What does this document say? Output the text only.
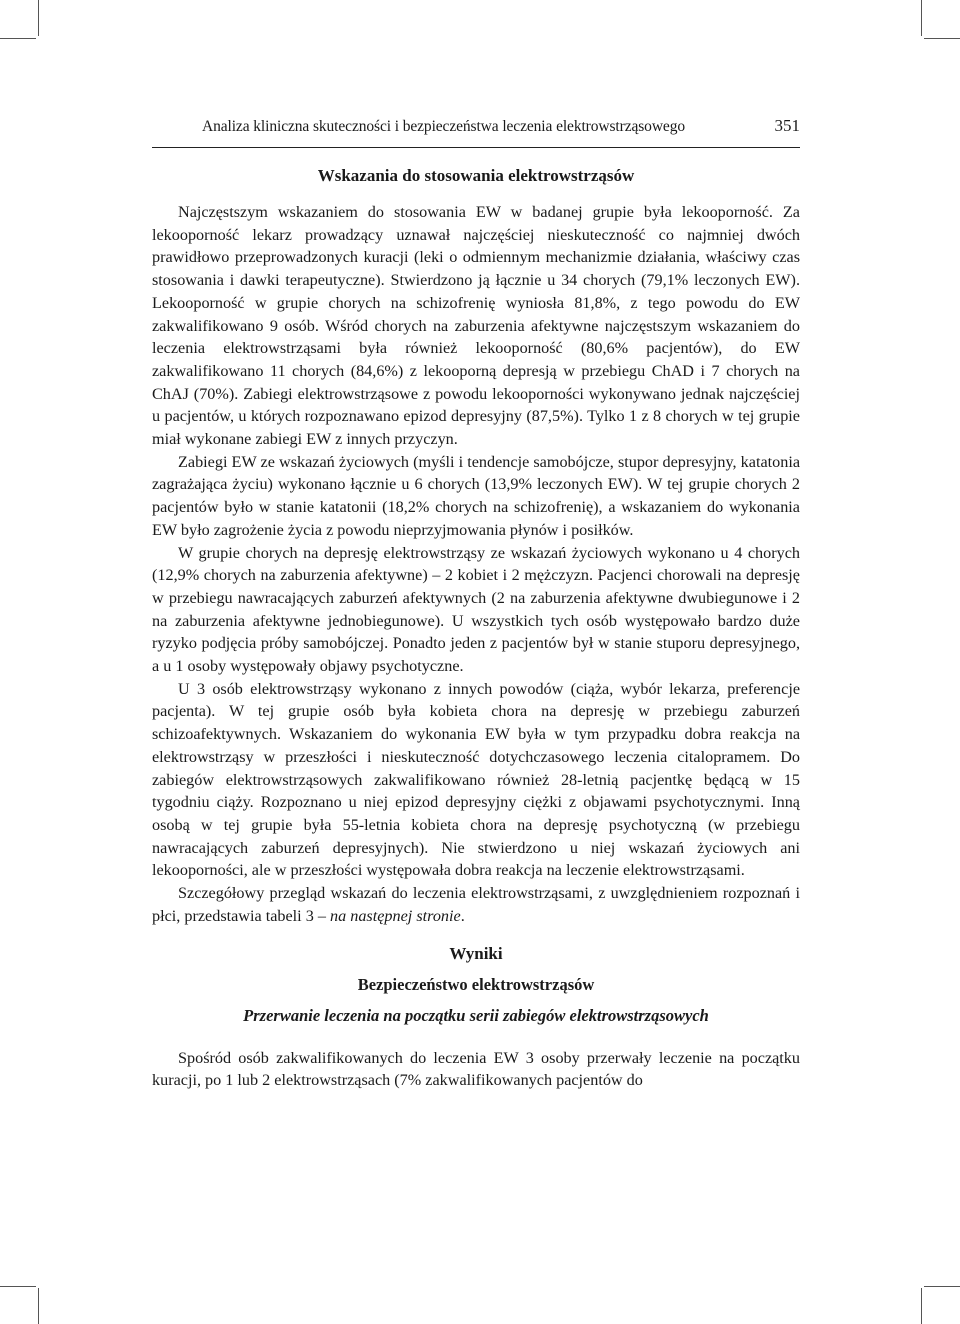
Analiza kliniczna skuteczności i bezpieczeństwa leczenia elektrowstrząsowego	351
Wskazania do stosowania elektrowstrząsów

Najczęstszym wskazaniem do stosowania EW w badanej grupie była lekooporność. Za lekooporność lekarz prowadzący uznawał najczęściej nieskuteczność co najmniej dwóch prawidłowo przeprowadzonych kuracji (leki o odmiennym mechanizmie działania, właściwy czas stosowania i dawki terapeutyczne). Stwierdzono ją łącznie u 34 chorych (79,1% leczonych EW). Lekooporność w grupie chorych na schizofrenię wyniosła 81,8%, z tego powodu do EW zakwalifikowano 9 osób. Wśród chorych na zaburzenia afektywne najczęstszym wskazaniem do leczenia elektrowstrząsami była również lekooporność (80,6% pacjentów), do EW zakwalifikowano 11 chorych (84,6%) z lekooporną depresją w przebiegu ChAD i 7 chorych na ChAJ (70%). Zabiegi elektrowstrząsowe z powodu lekooporności wykonywano jednak najczęściej u pacjentów, u których rozpoznawano epizod depresyjny (87,5%). Tylko 1 z 8 chorych w tej grupie miał wykonane zabiegi EW z innych przyczyn.

Zabiegi EW ze wskazań życiowych (myśli i tendencje samobójcze, stupor depresyjny, katatonia zagrażająca życiu) wykonano łącznie u 6 chorych (13,9% leczonych EW). W tej grupie chorych 2 pacjentów było w stanie katatonii (18,2% chorych na schizofrenię), a wskazaniem do wykonania EW było zagrożenie życia z powodu nieprzyjmowania płynów i posiłków.

W grupie chorych na depresję elektrowstrząsy ze wskazań życiowych wykonano u 4 chorych (12,9% chorych na zaburzenia afektywne) – 2 kobiet i 2 mężczyzn. Pacjenci chorowali na depresję w przebiegu nawracających zaburzeń afektywnych (2 na zaburzenia afektywne dwubiegunowe i 2 na zaburzenia afektywne jednobiegunowe). U wszystkich tych osób występowało bardzo duże ryzyko podjęcia próby samobójczej. Ponadto jeden z pacjentów był w stanie stuporu depresyjnego, a u 1 osoby występowały objawy psychotyczne.

U 3 osób elektrowstrząsy wykonano z innych powodów (ciąża, wybór lekarza, preferencje pacjenta). W tej grupie osób była kobieta chora na depresję w przebiegu zaburzeń schizoafektywnych. Wskazaniem do wykonania EW była w tym przypadku dobra reakcja na elektrowstrząsy w przeszłości i nieskuteczność dotychczasowego leczenia citalopramem. Do zabiegów elektrowstrząsowych zakwalifikowano również 28-letnią pacjentkę będącą w 15 tygodniu ciąży. Rozpoznano u niej epizod depresyjny ciężki z objawami psychotycznymi. Inną osobą w tej grupie była 55-letnia kobieta chora na depresję psychotyczną (w przebiegu nawracających zaburzeń depresyjnych). Nie stwierdzono u niej wskazań życiowych ani lekooporności, ale w przeszłości występowała dobra reakcja na leczenie elektrowstrząsami.

Szczegółowy przegląd wskazań do leczenia elektrowstrząsami, z uwzględnieniem rozpoznań i płci, przedstawia tabeli 3 – na następnej stronie.

Wyniki
Bezpieczeństwo elektrowstrząsów
Przerwanie leczenia na początku serii zabiegów elektrowstrząsowych

Spośród osób zakwalifikowanych do leczenia EW 3 osoby przerwały leczenie na początku kuracji, po 1 lub 2 elektrowstrząsach (7% zakwalifikowanych pacjentów do
